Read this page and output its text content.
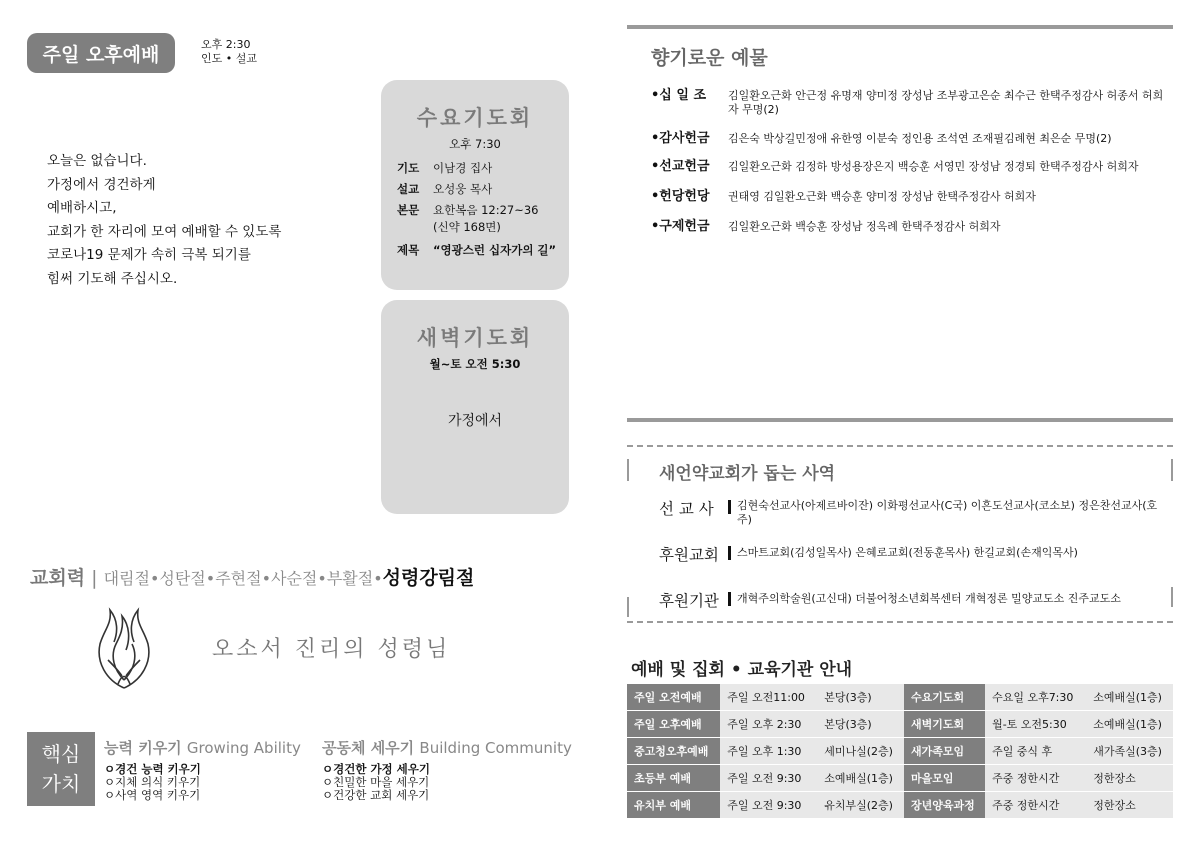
주일 오후예배	오후 2:30
인도 • 설교
오늘은 없습니다.
가정에서 경건하게
예배하시고,
교회가 한 자리에 모여 예배할 수 있도록
코로나19 문제가 속히 극복 되기를
힘써 기도해 주십시오.
수요기도회
오후 7:30
기도	이남경 집사
설교	오성웅 목사
본문	요한복음 12:27~36
(신약 168면)
제목	“영광스런 십자가의 길”
새벽기도회
월~토 오전 5:30
가정에서
교회력 | 대림절•성탄절•주현절•사순절•부활절•성령강림절
오소서 진리의 성령님
핵심
가치
능력 키우기 Growing Ability
ㅇ경건 능력 키우기
ㅇ지체 의식 키우기
ㅇ사역 영역 키우기
공동체 세우기 Building Community
ㅇ경건한 가정 세우기
ㅇ친밀한 마을 세우기
ㅇ건강한 교회 세우기
향기로운 예물
•십 일 조	김일환오근화 안근정 유명재 양미정 장성남 조부광고은순 최수근 한택주정감사 허종서 허희자 무명(2)
•감사헌금	김은숙 박상길민정애 유한영 이분숙 정인용 조석연 조재필김례현 최은순 무명(2)
•선교헌금	김일환오근화 김정하 방성용장은지 백승훈 서영민 장성남 정경퇴 한택주정감사 허희자
•헌당헌당	권태영 김일환오근화 백승훈 양미정 장성남 한택주정감사 허희자
•구제헌금	김일환오근화 백승훈 장성남 정옥례 한택주정감사 허희자
새언약교회가 돕는 사역
선 교 사	김현숙선교사(아제르바이잔) 이화평선교사(C국) 이흔도선교사(코소보) 정은찬선교사(호주)
후원교회	스마트교회(김성일목사) 은혜로교회(전동훈목사) 한길교회(손재익목사)
후원기관	개혁주의학술원(고신대) 더불어청소년회복센터 개혁정론 밀양교도소 진주교도소
예배 및 집회 • 교육기관 안내
주일 오전예배	주일 오전11:00	본당(3층)	수요기도회	수요일 오후7:30	소예배실(1층)
주일 오후예배	주일 오후 2:30	본당(3층)	새벽기도회	월-토 오전5:30	소예배실(1층)
중고청오후예배	주일 오후 1:30	세미나실(2층)	새가족모임	주일 중식 후	새가족실(3층)
초등부 예배	주일 오전 9:30	소예배실(1층)	마을모임	주중 정한시간	정한장소
유치부 예배	주일 오전 9:30	유치부실(2층)	장년양육과정	주중 정한시간	정한장소
